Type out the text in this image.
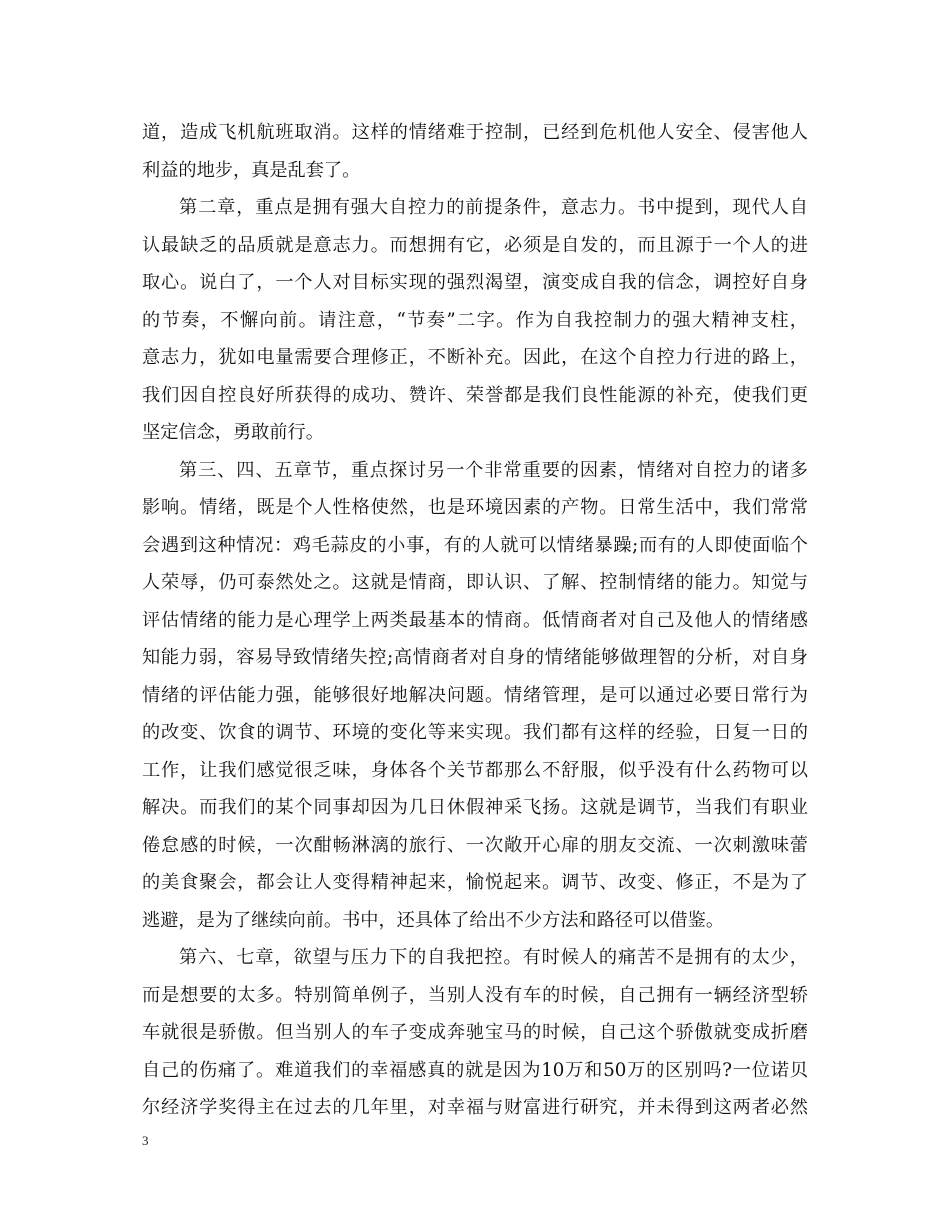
道，造成飞机航班取消。这样的情绪难于控制，已经到危机他人安全、侵害他人
利益的地步，真是乱套了。
第二章，重点是拥有强大自控力的前提条件，意志力。书中提到，现代人自
认最缺乏的品质就是意志力。而想拥有它，必须是自发的，而且源于一个人的进
取心。说白了，一个人对目标实现的强烈渴望，演变成自我的信念，调控好自身
的节奏，不懈向前。请注意，“节奏”二字。作为自我控制力的强大精神支柱，
意志力，犹如电量需要合理修正，不断补充。因此，在这个自控力行进的路上，
我们因自控良好所获得的成功、赞许、荣誉都是我们良性能源的补充，使我们更
坚定信念，勇敢前行。
第三、四、五章节，重点探讨另一个非常重要的因素，情绪对自控力的诸多
影响。情绪，既是个人性格使然，也是环境因素的产物。日常生活中，我们常常
会遇到这种情况：鸡毛蒜皮的小事，有的人就可以情绪暴躁;而有的人即使面临个
人荣辱，仍可泰然处之。这就是情商，即认识、了解、控制情绪的能力。知觉与
评估情绪的能力是心理学上两类最基本的情商。低情商者对自己及他人的情绪感
知能力弱，容易导致情绪失控;高情商者对自身的情绪能够做理智的分析，对自身
情绪的评估能力强，能够很好地解决问题。情绪管理，是可以通过必要日常行为
的改变、饮食的调节、环境的变化等来实现。我们都有这样的经验，日复一日的
工作，让我们感觉很乏味，身体各个关节都那么不舒服，似乎没有什么药物可以
解决。而我们的某个同事却因为几日休假神采飞扬。这就是调节，当我们有职业
倦怠感的时候，一次酣畅淋漓的旅行、一次敞开心扉的朋友交流、一次刺激味蕾
的美食聚会，都会让人变得精神起来，愉悦起来。调节、改变、修正，不是为了
逃避，是为了继续向前。书中，还具体了给出不少方法和路径可以借鉴。
第六、七章，欲望与压力下的自我把控。有时候人的痛苦不是拥有的太少，
而是想要的太多。特别简单例子，当别人没有车的时候，自己拥有一辆经济型轿
车就很是骄傲。但当别人的车子变成奔驰宝马的时候，自己这个骄傲就变成折磨
自己的伤痛了。难道我们的幸福感真的就是因为10万和50万的区别吗?一位诺贝
尔经济学奖得主在过去的几年里，对幸福与财富进行研究，并未得到这两者必然
3
